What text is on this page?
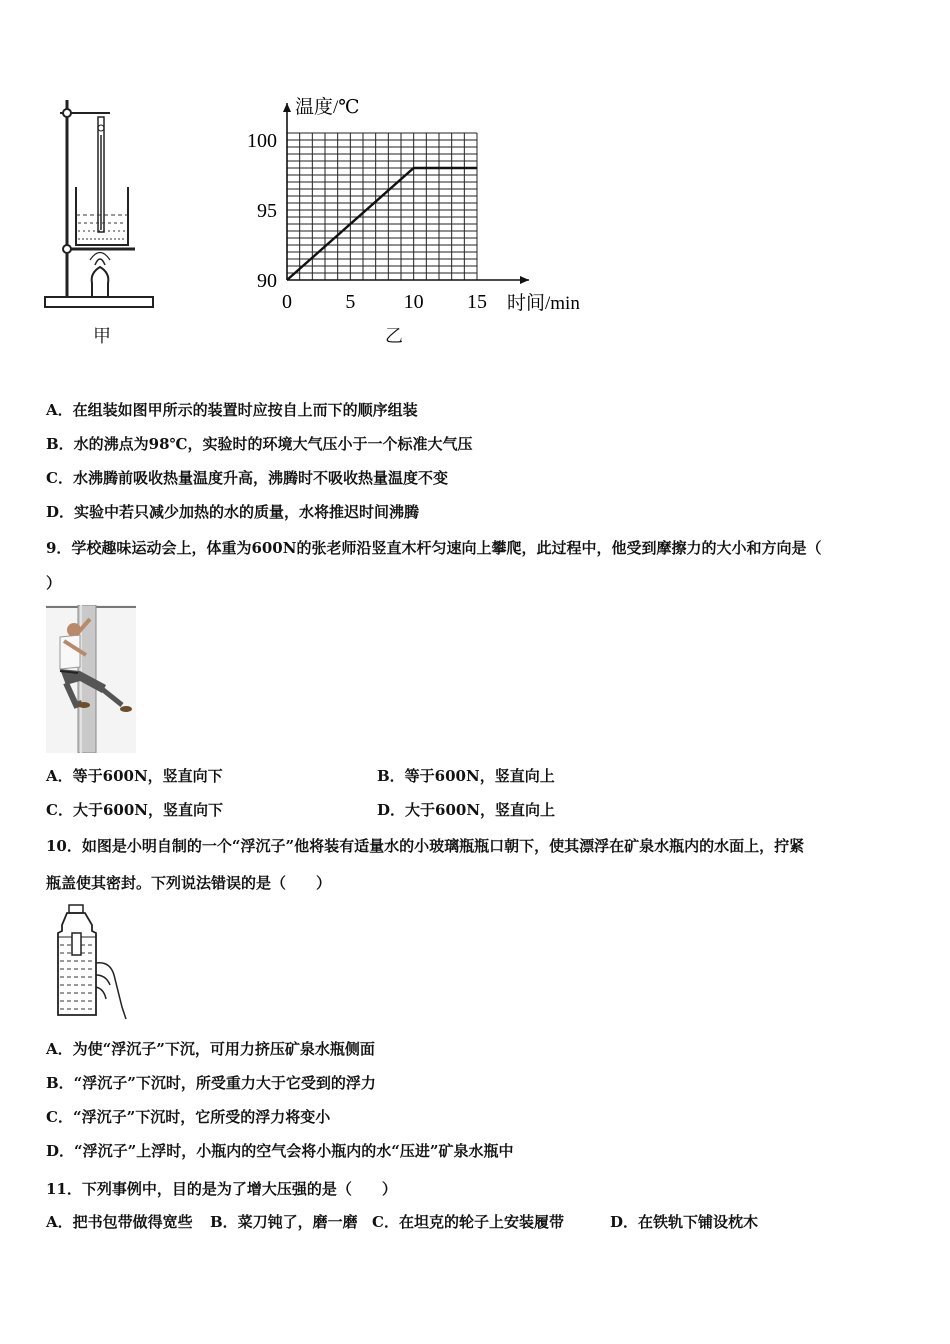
甲
0	5 10 15
90
95
100
温度/℃
时间/min
乙
A．在组装如图甲所示的装置时应按自上而下的顺序组装
B．水的沸点为98℃，实验时的环境大气压小于一个标准大气压
C．水沸腾前吸收热量温度升高，沸腾时不吸收热量温度不变
D．实验中若只减少加热的水的质量，水将推迟时间沸腾
9．学校趣味运动会上，体重为600N的张老师沿竖直木杆匀速向上攀爬，此过程中，他受到摩擦力的大小和方向是（
）
A．等于600N，竖直向下	B．等于600N，竖直向上
C．大于600N，竖直向下	D．大于600N，竖直向上
10．如图是小明自制的一个“浮沉子”他将装有适量水的小玻璃瓶瓶口朝下，使其漂浮在矿泉水瓶内的水面上，拧紧
瓶盖使其密封。下列说法错误的是（　　）
A．为使“浮沉子”下沉，可用力挤压矿泉水瓶侧面
B．“浮沉子”下沉时，所受重力大于它受到的浮力
C．“浮沉子”下沉时，它所受的浮力将变小
D．“浮沉子”上浮时，小瓶内的空气会将小瓶内的水“压进”矿泉水瓶中
11．下列事例中，目的是为了增大压强的是（　　）
A．把书包带做得宽些 B．菜刀钝了，磨一磨 C．在坦克的轮子上安装履带	D．在铁轨下铺设枕木
